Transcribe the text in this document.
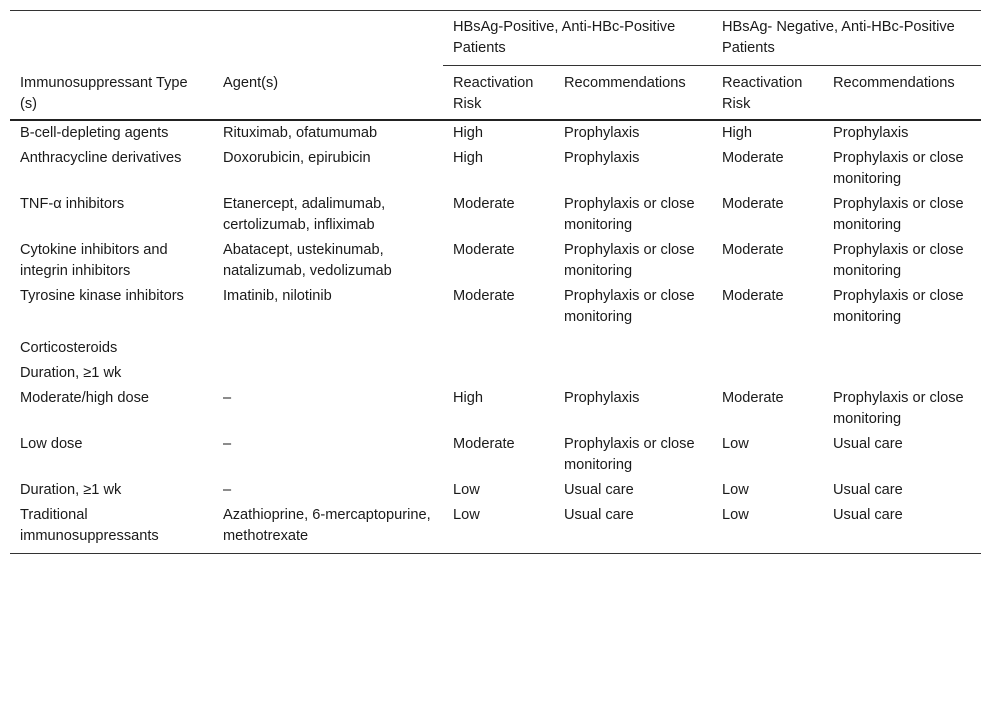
		HBsAg-Positive, Anti-HBc-Positive Patients		HBsAg- Negative, Anti-HBc-Positive Patients	
Immunosuppressant Type (s)	Agent(s)	Reactivation Risk	Recommendations	Reactivation Risk	Recommendations
B-cell-depleting agents	Rituximab, ofatumumab	High	Prophylaxis	High	Prophylaxis
Anthracycline derivatives	Doxorubicin, epirubicin	High	Prophylaxis	Moderate	Prophylaxis or close monitoring
TNF-α inhibitors	Etanercept, adalimumab, certolizumab, infliximab	Moderate	Prophylaxis or close monitoring	Moderate	Prophylaxis or close monitoring
Cytokine inhibitors and integrin inhibitors	Abatacept, ustekinumab, natalizumab, vedolizumab	Moderate	Prophylaxis or close monitoring	Moderate	Prophylaxis or close monitoring
Tyrosine kinase inhibitors	Imatinib, nilotinib	Moderate	Prophylaxis or close monitoring	Moderate	Prophylaxis or close monitoring
Corticosteroids					
Duration, ≥1 wk					
Moderate/high dose	–	High	Prophylaxis	Moderate	Prophylaxis or close monitoring
Low dose	–	Moderate	Prophylaxis or close monitoring	Low	Usual care
Duration, ≥1 wk	–	Low	Usual care	Low	Usual care
Traditional immunosuppressants	Azathioprine, 6-mercaptopurine, methotrexate	Low	Usual care	Low	Usual care
